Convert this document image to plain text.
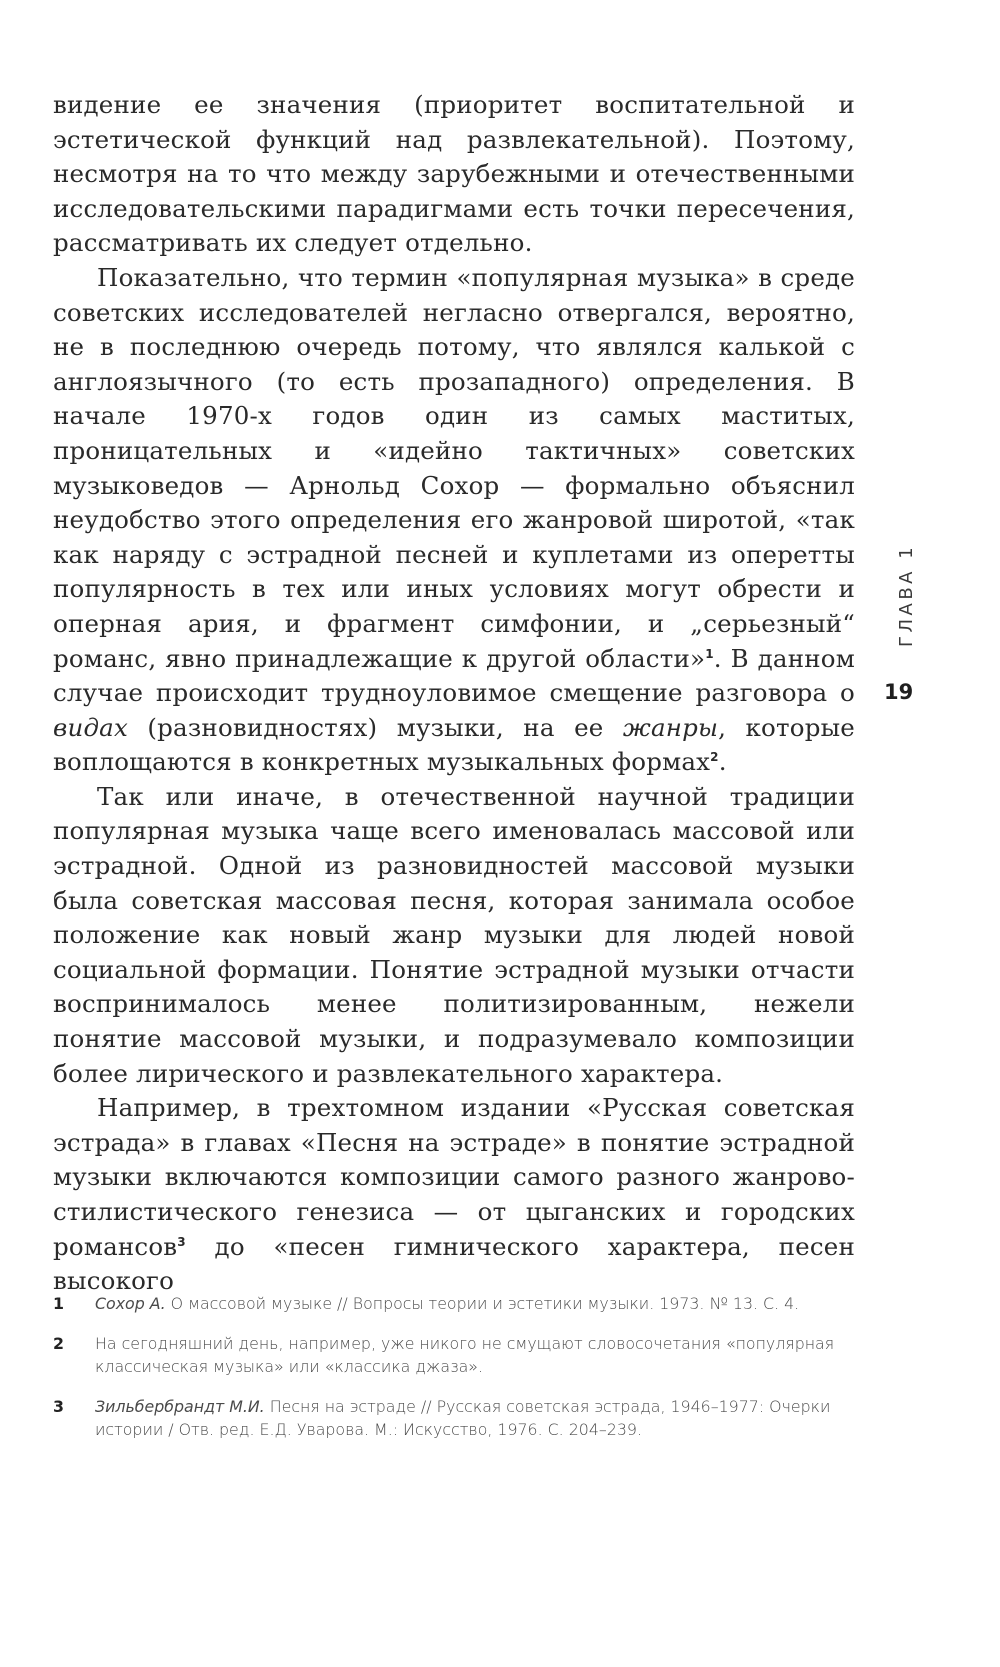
видение ее значения (приоритет воспитательной и эстетической функций над развлекательной). Поэтому, несмотря на то что между зарубежными и отечественными исследовательскими парадигмами есть точки пересечения, рассматривать их следует отдельно.

Показательно, что термин «популярная музыка» в среде советских исследователей негласно отвергался, вероятно, не в последнюю очередь потому, что являлся калькой с англоязычного (то есть прозападного) определения. В начале 1970-х годов один из самых маститых, проницательных и «идейно тактичных» советских музыковедов — Арнольд Сохор — формально объяснил неудобство этого определения его жанровой широтой, «так как наряду с эстрадной песней и куплетами из оперетты популярность в тех или иных условиях могут обрести и оперная ария, и фрагмент симфонии, и „серьезный“ романс, явно принадлежащие к другой области»$^1$. В данном случае происходит трудноуловимое смещение разговора о видах (разновидностях) музыки, на ее жанры, которые воплощаются в конкретных музыкальных формах$^2$.

Так или иначе, в отечественной научной традиции популярная музыка чаще всего именовалась массовой или эстрадной. Одной из разновидностей массовой музыки была советская массовая песня, которая занимала особое положение как новый жанр музыки для людей новой социальной формации. Понятие эстрадной музыки отчасти воспринималось менее политизированным, нежели понятие массовой музыки, и подразумевало композиции более лирического и развлекательного характера.

Например, в трехтомном издании «Русская советская эстрада» в главах «Песня на эстраде» в понятие эстрадной музыки включаются композиции самого разного жанрово-стилистического генезиса — от цыганских и городских романсов$^3$ до «песен гимнического характера, песен высокого

ГЛАВА 1
19
1 Сохор А. О массовой музыке // Вопросы теории и эстетики музыки. 1973. № 13. С. 4.
2 На сегодняшний день, например, уже никого не смущают словосочетания «популярная классическая музыка» или «классика джаза».
3 Зильбербрандт М.И. Песня на эстраде // Русская советская эстрада, 1946–1977: Очерки истории / Отв. ред. Е.Д. Уварова. М.: Искусство, 1976. С. 204–239.
